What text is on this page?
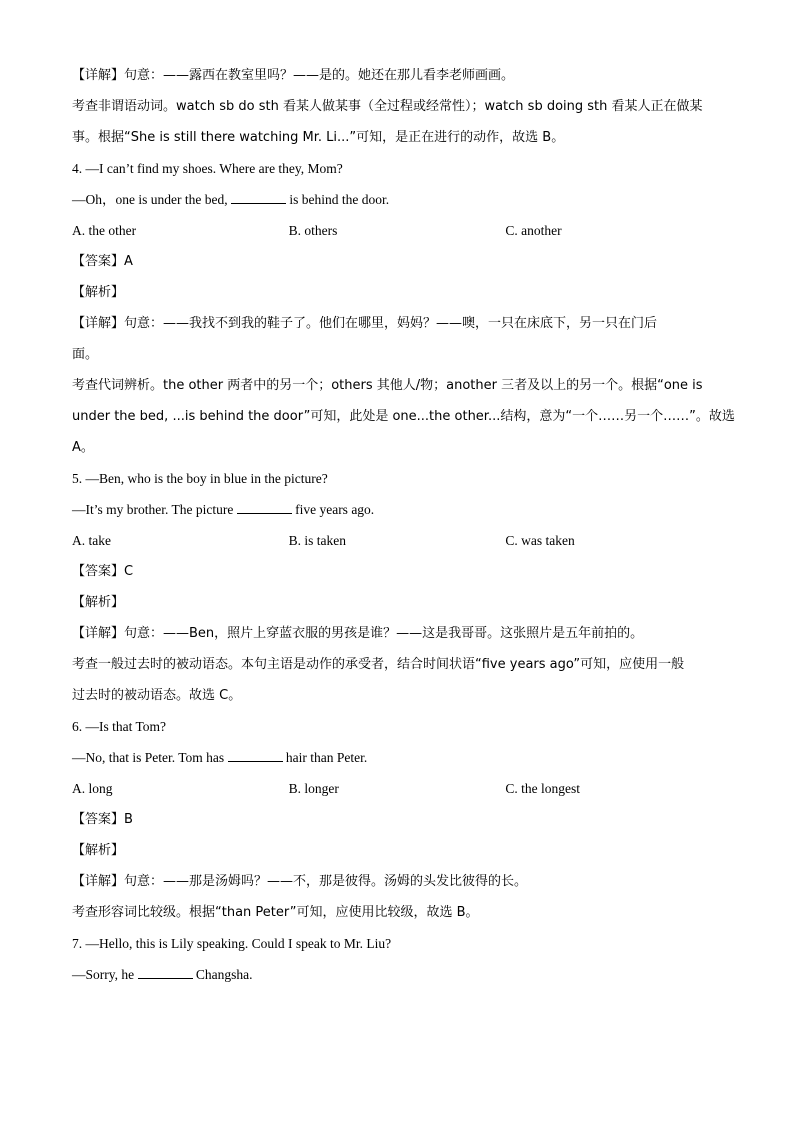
【详解】句意：——露西在教室里吗？——是的。她还在那儿看李老师画画。
考查非谓语动词。watch sb do sth 看某人做某事（全过程或经常性）；watch sb doing sth 看某人正在做某
事。根据“She is still there watching Mr. Li...”可知，是正在进行的动作，故选 B。
4. —I can’t find my shoes. Where are they, Mom?
—Oh，one is under the bed,	is behind the door.
A. the other	B. others	C. another
【答案】A
【解析】
【详解】句意：——我找不到我的鞋子了。他们在哪里，妈妈？——噢，一只在床底下，另一只在门后
面。
考查代词辨析。the other 两者中的另一个；others 其他人/物；another 三者及以上的另一个。根据“one is
under the bed, ...is behind the door”可知，此处是 one...the other...结构，意为“一个……另一个……”。故选
A。
5. —Ben, who is the boy in blue in the picture?
—It’s my brother. The picture	five years ago.
A. take	B. is taken	C. was taken
【答案】C
【解析】
【详解】句意：——Ben，照片上穿蓝衣服的男孩是谁？——这是我哥哥。这张照片是五年前拍的。
考查一般过去时的被动语态。本句主语是动作的承受者，结合时间状语“five years ago”可知，应使用一般
过去时的被动语态。故选 C。
6. —Is that Tom?
—No, that is Peter. Tom has	hair than Peter.
A. long	B. longer	C. the longest
【答案】B
【解析】
【详解】句意：——那是汤姆吗？——不，那是彼得。汤姆的头发比彼得的长。
考查形容词比较级。根据“than Peter”可知，应使用比较级，故选 B。
7. —Hello, this is Lily speaking. Could I speak to Mr. Liu?
—Sorry, he	Changsha.
